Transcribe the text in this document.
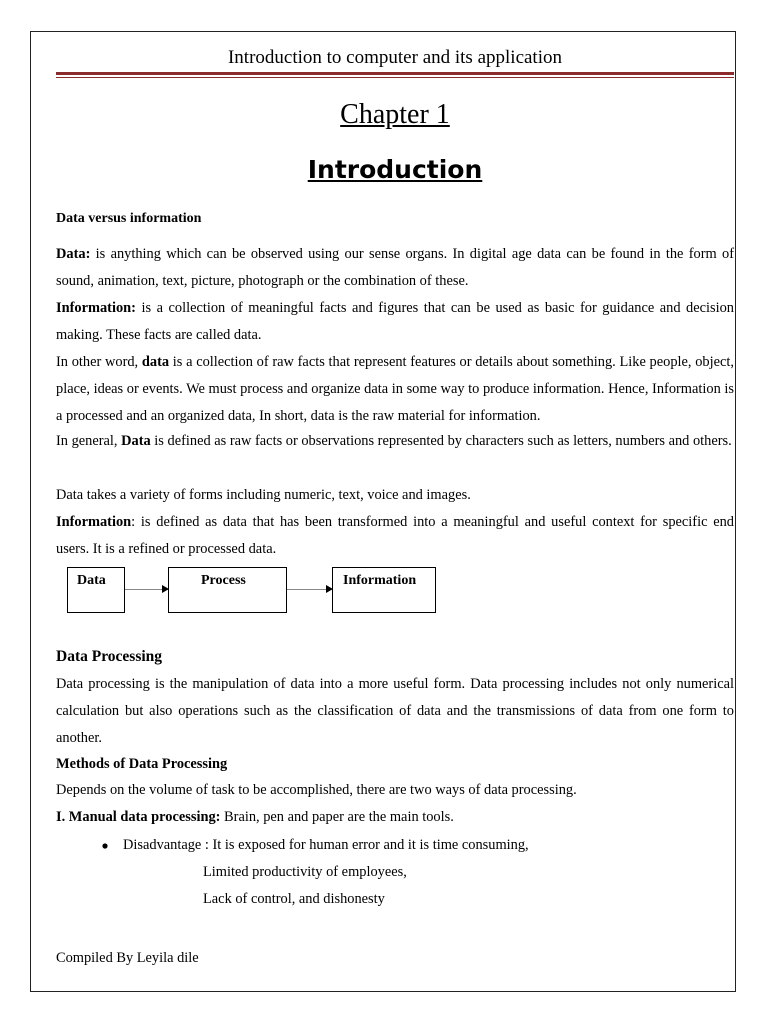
Introduction to computer and its application
Chapter 1
Introduction
Data versus information
Data: is anything which can be observed using our sense organs. In digital age data can be found in the form of sound, animation, text, picture, photograph or the combination of these.
Information: is a collection of meaningful facts and figures that can be used as basic for guidance and decision making. These facts are called data.
In other word, data is a collection of raw facts that represent features or details about something. Like people, object, place, ideas or events. We must process and organize data in some way to produce information. Hence, Information is a processed and an organized data, In short, data is the raw material for information.
In general, Data is defined as raw facts or observations represented by characters such as letters, numbers and others.
Data takes a variety of forms including numeric, text, voice and images.
Information: is defined as data that has been transformed into a meaningful and useful context for specific end users. It is a refined or processed data.
Data	Process	Information
Data Processing
Data processing is the manipulation of data into a more useful form. Data processing includes not only numerical calculation but also operations such as the classification of data and the transmissions of data from one form to another.
Methods of Data Processing
Depends on the volume of task to be accomplished, there are two ways of data processing.
I. Manual data processing: Brain, pen and paper are the main tools.
Disadvantage : It is exposed for human error and it is time consuming,
Limited productivity of employees,
Lack of control, and dishonesty
Compiled By Leyila dile
